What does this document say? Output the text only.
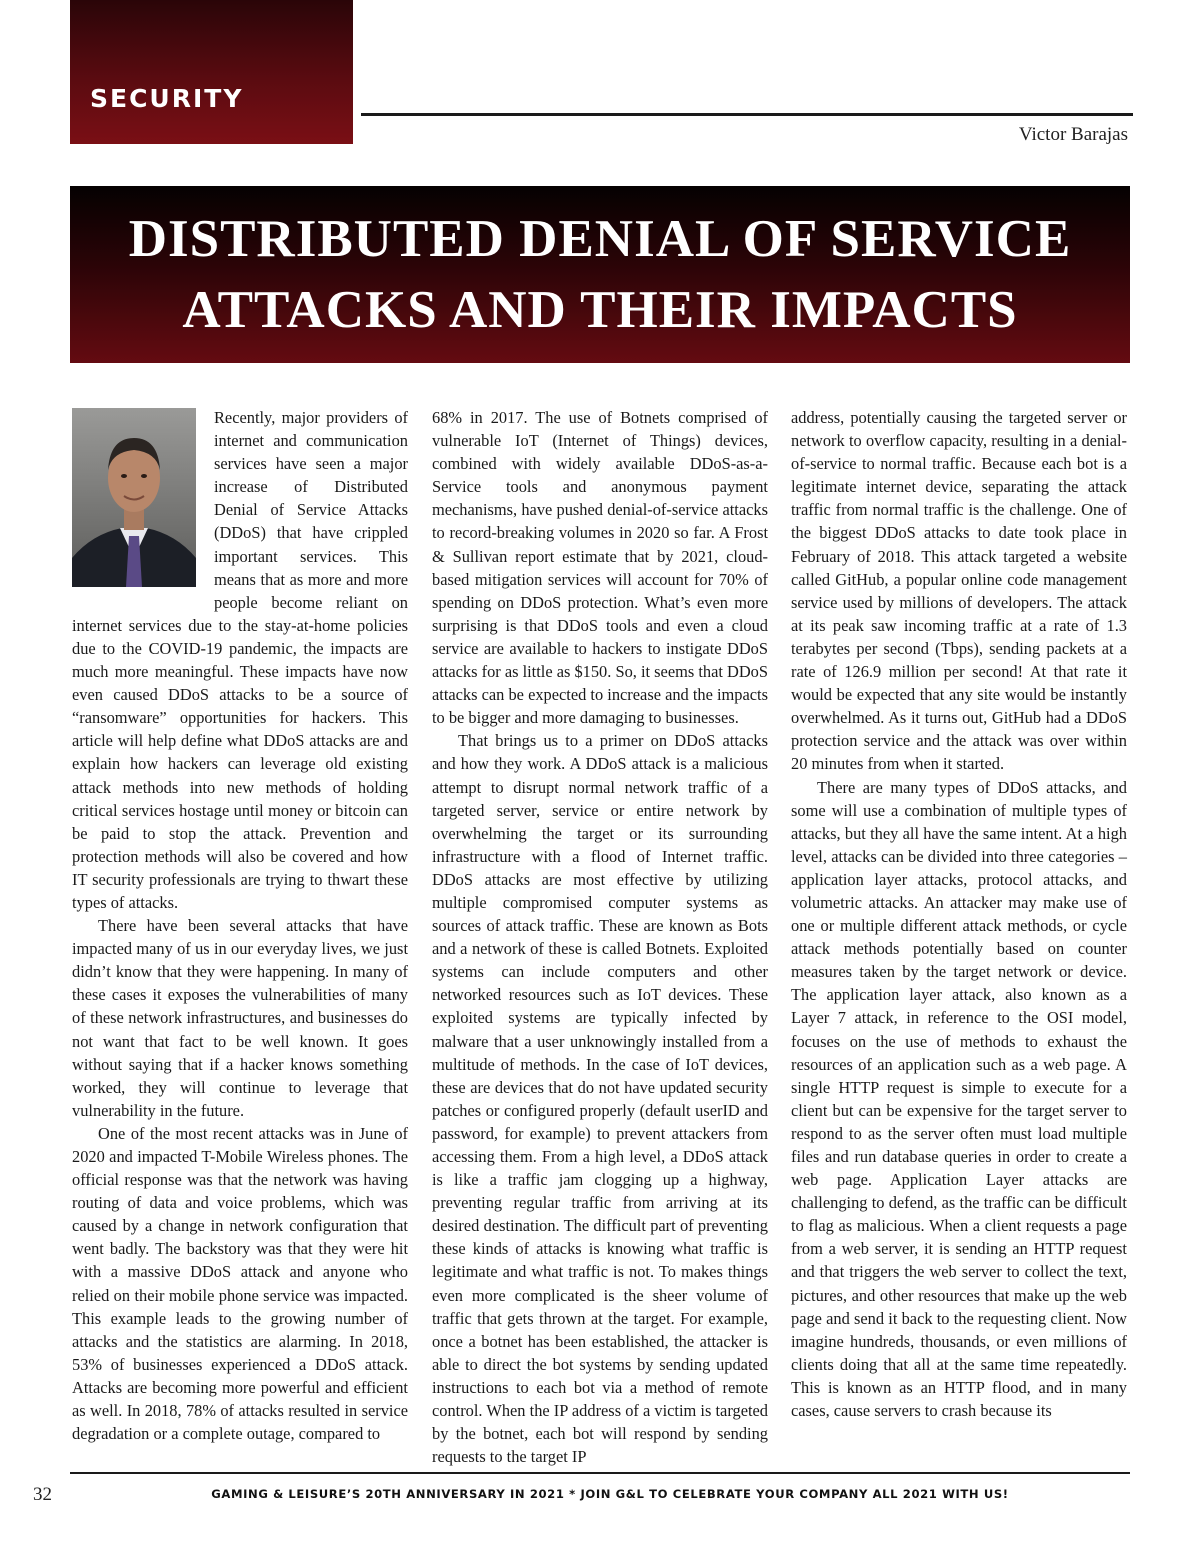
SECURITY
Victor Barajas
DISTRIBUTED DENIAL OF SERVICE
ATTACKS AND THEIR IMPACTS

Recently, major providers of internet and communication services have seen a major increase of Distributed Denial of Service Attacks (DDoS) that have crippled important services. This means that as more and more people become reliant on internet services due to the stay-at-home policies due to the COVID-19 pandemic, the impacts are much more meaningful. These impacts have now even caused DDoS attacks to be a source of “ransomware” opportunities for hackers. This article will help define what DDoS attacks are and explain how hackers can leverage old existing attack methods into new methods of holding critical services hostage until money or bitcoin can be paid to stop the attack. Prevention and protection methods will also be covered and how IT security professionals are trying to thwart these types of attacks.

There have been several attacks that have impacted many of us in our everyday lives, we just didn’t know that they were happening. In many of these cases it exposes the vulnerabilities of many of these network infrastructures, and businesses do not want that fact to be well known. It goes without saying that if a hacker knows something worked, they will continue to leverage that vulnerability in the future.

One of the most recent attacks was in June of 2020 and impacted T-Mobile Wireless phones. The official response was that the network was having routing of data and voice problems, which was caused by a change in network configuration that went badly. The backstory was that they were hit with a massive DDoS attack and anyone who relied on their mobile phone service was impacted. This example leads to the growing number of attacks and the statistics are alarming. In 2018, 53% of businesses experienced a DDoS attack. Attacks are becoming more powerful and efficient as well. In 2018, 78% of attacks resulted in service degradation or a complete outage, compared to

68% in 2017. The use of Botnets comprised of vulnerable IoT (Internet of Things) devices, combined with widely available DDoS-as-a-Service tools and anonymous payment mechanisms, have pushed denial-of-service attacks to record-breaking volumes in 2020 so far. A Frost & Sullivan report estimate that by 2021, cloud-based mitigation services will account for 70% of spending on DDoS protection. What’s even more surprising is that DDoS tools and even a cloud service are available to hackers to instigate DDoS attacks for as little as $150. So, it seems that DDoS attacks can be expected to increase and the impacts to be bigger and more damaging to businesses.

That brings us to a primer on DDoS attacks and how they work. A DDoS attack is a malicious attempt to disrupt normal network traffic of a targeted server, service or entire network by overwhelming the target or its surrounding infrastructure with a flood of Internet traffic. DDoS attacks are most effective by utilizing multiple compromised computer systems as sources of attack traffic. These are known as Bots and a network of these is called Botnets. Exploited systems can include computers and other networked resources such as IoT devices. These exploited systems are typically infected by malware that a user unknowingly installed from a multitude of methods. In the case of IoT devices, these are devices that do not have updated security patches or configured properly (default userID and password, for example) to prevent attackers from accessing them. From a high level, a DDoS attack is like a traffic jam clogging up a highway, preventing regular traffic from arriving at its desired destination. The difficult part of preventing these kinds of attacks is knowing what traffic is legitimate and what traffic is not. To makes things even more complicated is the sheer volume of traffic that gets thrown at the target. For example, once a botnet has been established, the attacker is able to direct the bot systems by sending updated instructions to each bot via a method of remote control. When the IP address of a victim is targeted by the botnet, each bot will respond by sending requests to the target IP

address, potentially causing the targeted server or network to overflow capacity, resulting in a denial-of-service to normal traffic. Because each bot is a legitimate internet device, separating the attack traffic from normal traffic is the challenge. One of the biggest DDoS attacks to date took place in February of 2018. This attack targeted a website called GitHub, a popular online code management service used by millions of developers. The attack at its peak saw incoming traffic at a rate of 1.3 terabytes per second (Tbps), sending packets at a rate of 126.9 million per second! At that rate it would be expected that any site would be instantly overwhelmed. As it turns out, GitHub had a DDoS protection service and the attack was over within 20 minutes from when it started.

There are many types of DDoS attacks, and some will use a combination of multiple types of attacks, but they all have the same intent. At a high level, attacks can be divided into three categories – application layer attacks, protocol attacks, and volumetric attacks. An attacker may make use of one or multiple different attack methods, or cycle attack methods potentially based on counter measures taken by the target network or device. The application layer attack, also known as a Layer 7 attack, in reference to the OSI model, focuses on the use of methods to exhaust the resources of an application such as a web page. A single HTTP request is simple to execute for a client but can be expensive for the target server to respond to as the server often must load multiple files and run database queries in order to create a web page. Application Layer attacks are challenging to defend, as the traffic can be difficult to flag as malicious. When a client requests a page from a web server, it is sending an HTTP request and that triggers the web server to collect the text, pictures, and other resources that make up the web page and send it back to the requesting client. Now imagine hundreds, thousands, or even millions of clients doing that all at the same time repeatedly. This is known as an HTTP flood, and in many cases, cause servers to crash because its

32	GAMING & LEISURE’S 20TH ANNIVERSARY IN 2021 * JOIN G&L TO CELEBRATE YOUR COMPANY ALL 2021 WITH US!
